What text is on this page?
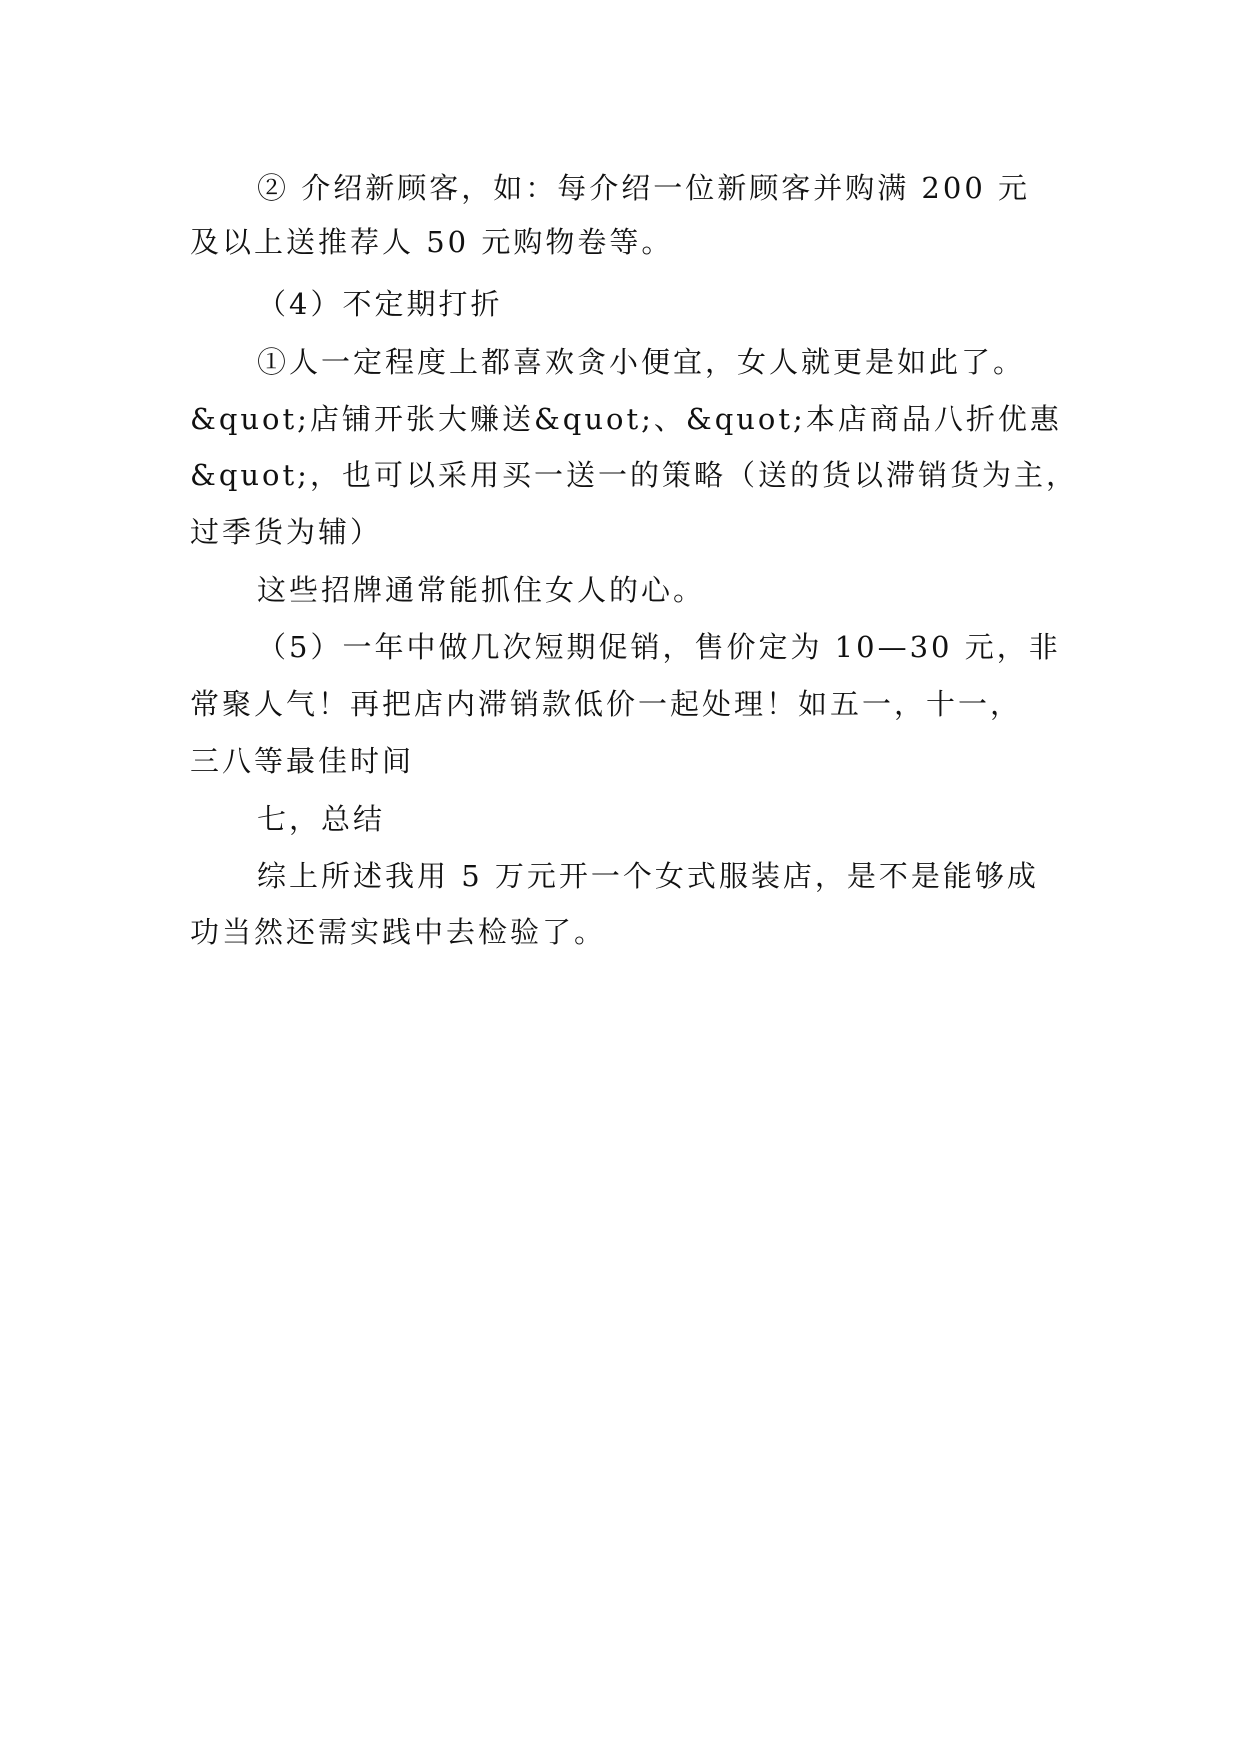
② 介绍新顾客，如：每介绍一位新顾客并购满 200 元
及以上送推荐人 50 元购物卷等。
（4）不定期打折
①人一定程度上都喜欢贪小便宜，女人就更是如此了。
&quot;店铺开张大赚送&quot;、&quot;本店商品八折优惠
&quot;，也可以采用买一送一的策略（送的货以滞销货为主，
过季货为辅）
这些招牌通常能抓住女人的心。
（5）一年中做几次短期促销，售价定为 10—30 元，非
常聚人气！再把店内滞销款低价一起处理！如五一，十一，
三八等最佳时间
七，总结
综上所述我用 5 万元开一个女式服装店，是不是能够成
功当然还需实践中去检验了。
